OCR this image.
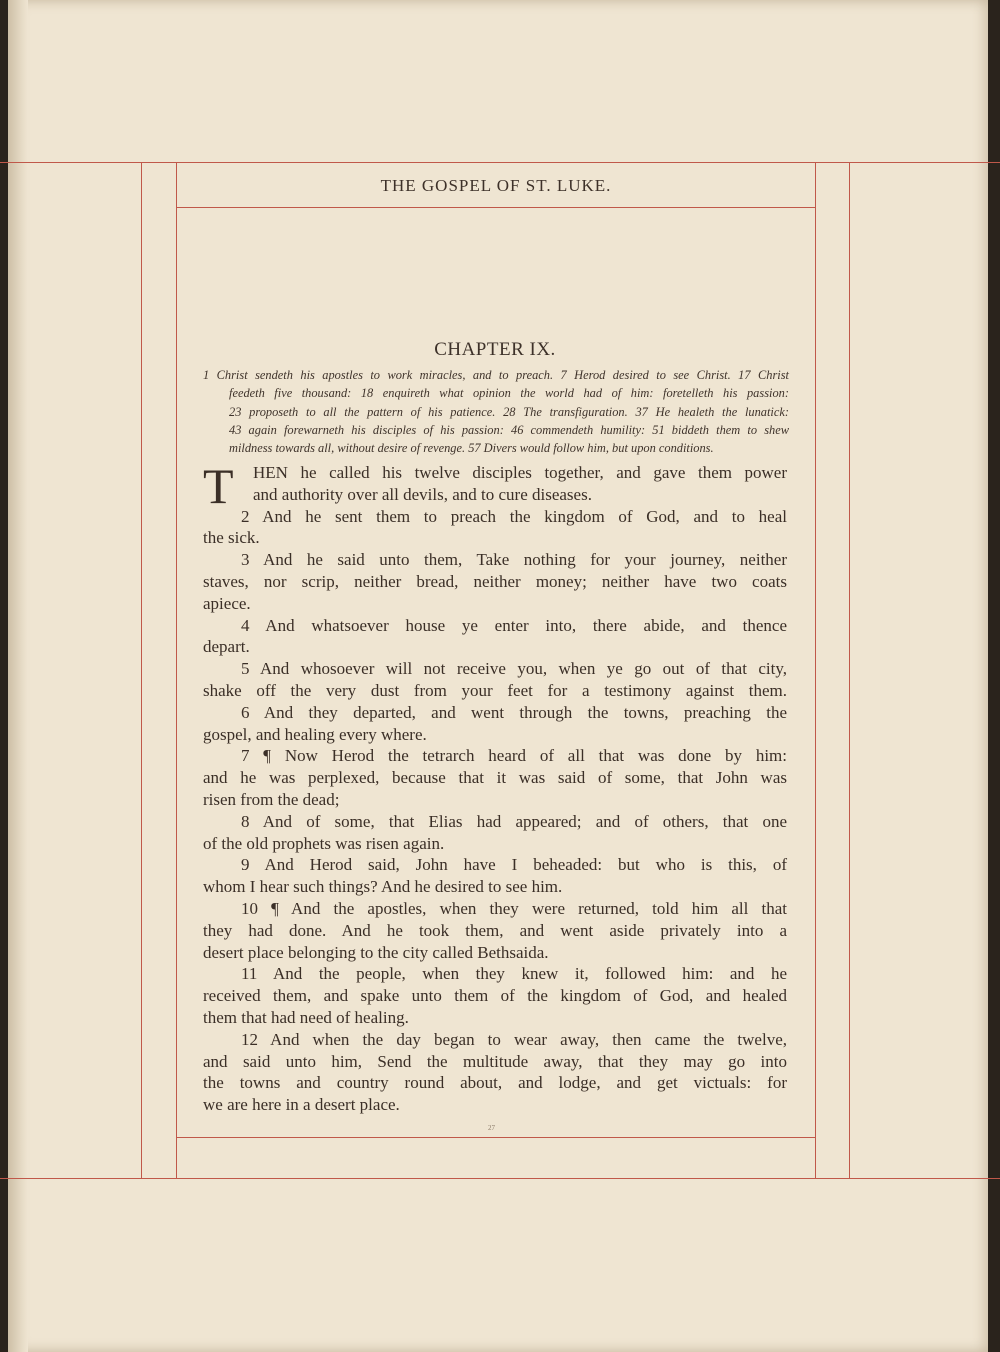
THE GOSPEL OF ST. LUKE.
CHAPTER IX.
1 Christ sendeth his apostles to work miracles, and to preach. 7 Herod desired to see Christ. 17 Christ
feedeth five thousand: 18 enquireth what opinion the world had of him: foretelleth his passion:
23 proposeth to all the pattern of his patience. 28 The transfiguration. 37 He healeth the lunatick:
43 again forewarneth his disciples of his passion: 46 commendeth humility: 51 biddeth them to shew
mildness towards all, without desire of revenge. 57 Divers would follow him, but upon conditions.
T	HEN he called his twelve disciples together, and gave them power
and authority over all devils, and to cure diseases.
2 And he sent them to preach the kingdom of God, and to heal
the sick.
3 And he said unto them, Take nothing for your journey, neither
staves, nor scrip, neither bread, neither money; neither have two coats
apiece.
4 And whatsoever house ye enter into, there abide, and thence
depart.
5 And whosoever will not receive you, when ye go out of that city,
shake off the very dust from your feet for a testimony against them.
6 And they departed, and went through the towns, preaching the
gospel, and healing every where.
7 ¶ Now Herod the tetrarch heard of all that was done by him:
and he was perplexed, because that it was said of some, that John was
risen from the dead;
8 And of some, that Elias had appeared; and of others, that one
of the old prophets was risen again.
9 And Herod said, John have I beheaded: but who is this, of
whom I hear such things? And he desired to see him.
10 ¶ And the apostles, when they were returned, told him all that
they had done. And he took them, and went aside privately into a
desert place belonging to the city called Bethsaida.
11 And the people, when they knew it, followed him: and he
received them, and spake unto them of the kingdom of God, and healed
them that had need of healing.
12 And when the day began to wear away, then came the twelve,
and said unto him, Send the multitude away, that they may go into
the towns and country round about, and lodge, and get victuals: for
we are here in a desert place.
27
